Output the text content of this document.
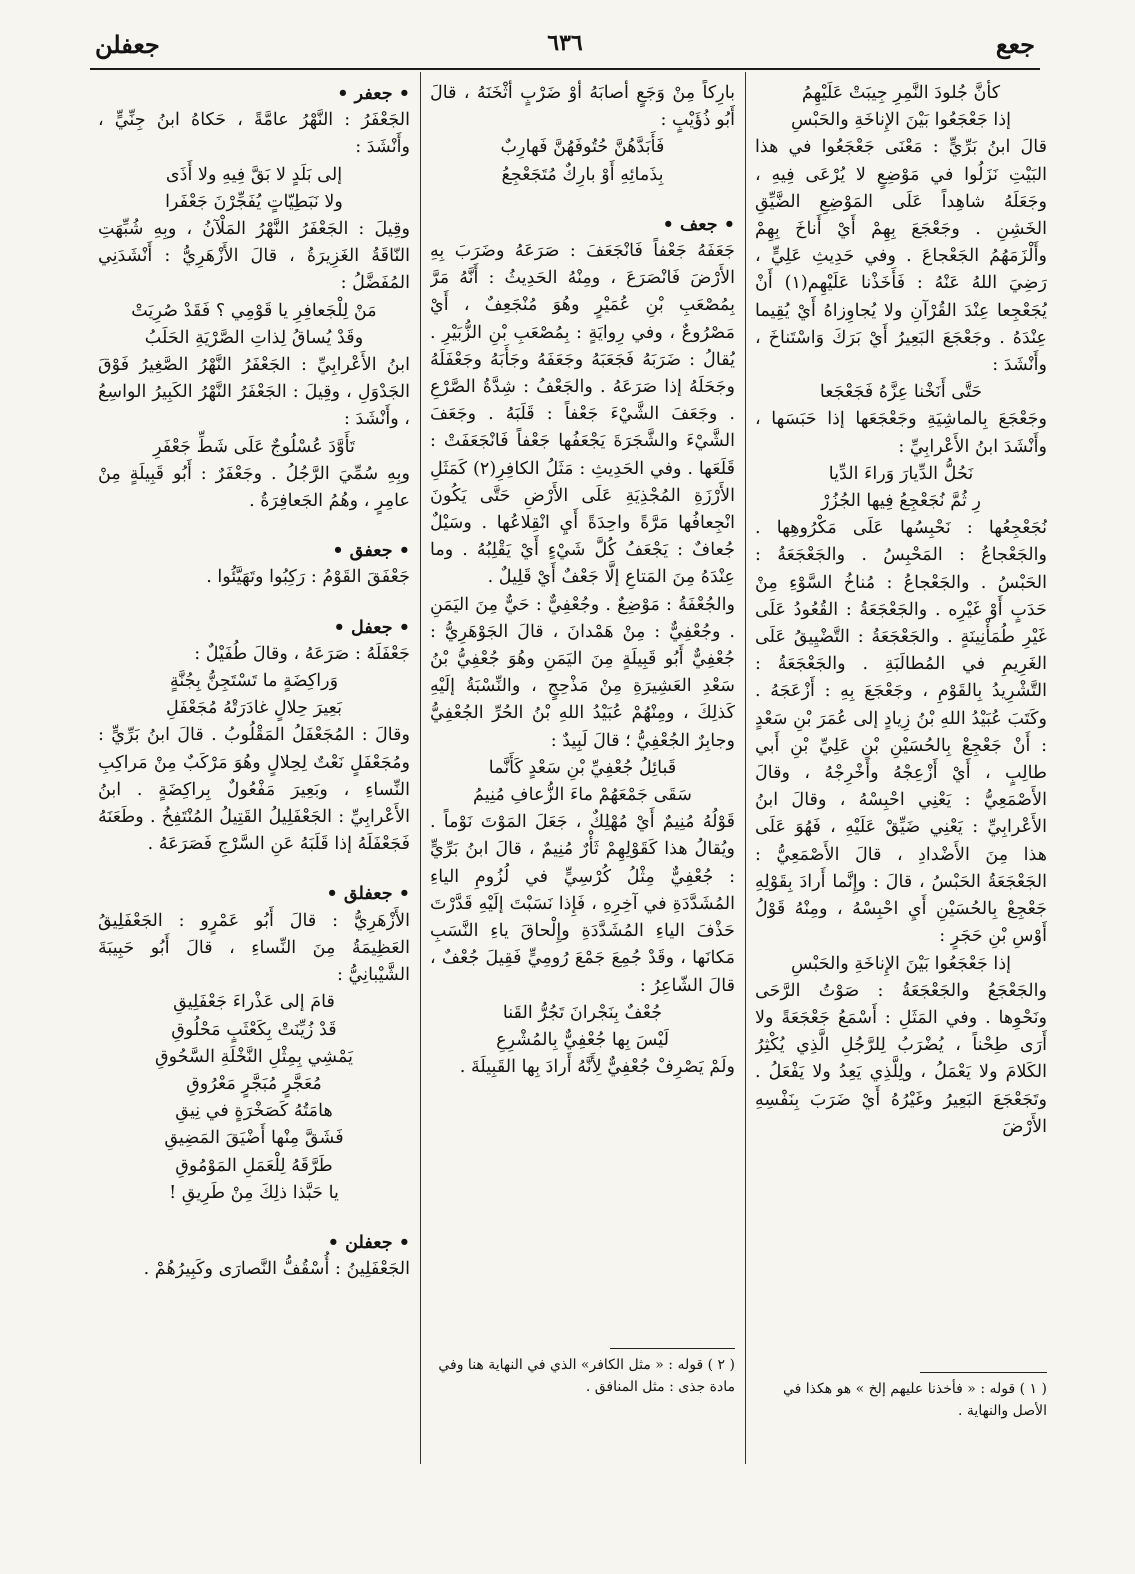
جعع
٦٣٦
جعفلن

كأنَّ جُلودَ النَّمِرِ جِيبَتْ عَلَيْهِمُ

إذا جَعْجَعُوا بَيْنَ الإِناخَةِ والحَبْسِ

قالَ ابنُ بَرِّيٍّ : مَعْنَى جَعْجَعُوا في هذا البَيْتِ نَزَلُوا في مَوْضِعٍ لا يُرْعَى فِيهِ ، وجَعَلَهُ شاهِداً عَلَى المَوْضِعِ الضَّيِّقِ الخَشِنِ . وجَعْجَعَ بِهِمْ أَيْ أَناخَ بِهِمْ وأَلْزَمَهُمُ الجَعْجاعَ . وفي حَدِيثِ عَلِيٍّ ، رَضِيَ اللهُ عَنْهُ : فَأَخَذْنا عَلَيْهِم(١) أَنْ يُجَعْجِعا عِنْدَ القُرْآنِ ولا يُجاوِزاهُ أَيْ يُقِيما عِنْدَهُ . وجَعْجَعَ البَعِيرُ أَيْ بَرَكَ وَاسْتَناخَ ، وأَنْشَدَ :

حَتَّى أَنَخْنا عِزَّهُ فَجَعْجَعا

وجَعْجَعَ بِالماشِيَةِ وجَعْجَعَها إذا حَبَسَها ، وأَنْشَدَ ابنُ الأَعْرابِيِّ :

نَحُلُّ الدِّيارَ وَراءَ الدِّيا

رِ ثُمَّ نُجَعْجِعُ فِيها الجُزُرْ

نُجَعْجِعُها : نَحْبِسُها عَلَى مَكْرُوهِها . والجَعْجاعُ : المَحْبِسُ . والجَعْجَعَةُ : الحَبْسُ . والجَعْجاعُ : مُناخُ السَّوْءِ مِنْ حَدَبٍ أَوْ غَيْرِه . والجَعْجَعَةُ : القُعُودُ عَلَى غَيْرِ طُمَأْنِينَةٍ . والجَعْجَعَةُ : التَّضْيِيقُ عَلَى الغَرِيمِ في المُطالَبَةِ . والجَعْجَعَةُ : التَّشْرِيدُ بِالقَوْمِ ، وجَعْجَعَ بِهِ : أَزْعَجَهُ . وكَتَبَ عُبَيْدُ اللهِ بْنُ زِيادٍ إلى عُمَرَ بْنِ سَعْدٍ : أَنْ جَعْجِعْ بِالحُسَيْنِ بْنِ عَلِيِّ بْنِ أَبي طالِبٍ ، أَيْ أَزْعِجْهُ وأَخْرِجْهُ ، وقالَ الأَصْمَعِيُّ : يَعْنِي احْبِسْهُ ، وقالَ ابنُ الأَعْرابِيِّ : يَعْنِي ضَيِّقْ عَلَيْهِ ، فَهُوَ عَلَى هذا مِنَ الأَضْدادِ ، قالَ الأَصْمَعِيُّ : الجَعْجَعَةُ الحَبْسُ ، قالَ : وإِنَّما أَرادَ بِقَوْلِهِ جَعْجِعْ بِالحُسَيْنِ أَيِ احْبِسْهُ ، ومِنْهُ قَوْلُ أَوْسِ بْنِ حَجَرٍ :

إذا جَعْجَعُوا بَيْنَ الإِناخَةِ والحَبْسِ

والجَعْجَعُ والجَعْجَعَةُ : صَوْتُ الرَّحَى ونَحْوِها . وفي المَثَلِ : أَسْمَعُ جَعْجَعَةً ولا أَرَى طِحْناً ، يُضْرَبُ لِلرَّجُلِ الَّذِي يُكْثِرُ الكَلامَ ولا يَعْمَلُ ، ولِلَّذِي يَعِدُ ولا يَفْعَلُ . وتَجَعْجَعَ البَعِيرُ وغَيْرُهُ أَيْ ضَرَبَ بِنَفْسِهِ الأَرْضَ

بارِكاً مِنْ وَجَعٍ أَصابَهُ أَوْ ضَرْبٍ أَثْخَنَهُ ، قالَ أَبُو ذُؤَيْبٍ :

فَأَبَدَّهُنَّ حُتُوفَهُنَّ فَهارِبٌ

بِذَمائِهِ أَوْ بارِكٌ مُتَجَعْجِعُ

• جعف •

جَعَفَهُ جَعْفاً فَانْجَعَفَ : صَرَعَهُ وضَرَبَ بِهِ الأَرْضَ فَانْصَرَعَ ، ومِنْهُ الحَدِيثُ : أَنَّهُ مَرَّ بِمُصْعَبِ بْنِ عُمَيْرٍ وهُوَ مُنْجَعِفٌ ، أَيْ مَصْرُوعٌ ، وفي رِوايَةٍ : بِمُصْعَبِ بْنِ الزُّبَيْرِ . يُقالُ : ضَرَبَهُ فَجَعَبَهُ وجَعَفَهُ وجَأَبَهُ وجَعْفَلَهُ وجَحَلَهُ إذا صَرَعَهُ . والجَعْفُ : شِدَّةُ الصَّرْعِ . وجَعَفَ الشَّيْءَ جَعْفاً : قَلَبَهُ . وجَعَفَ الشَّيْءَ والشَّجَرَةَ يَجْعَفُها جَعْفاً فَانْجَعَفَتْ : قَلَعَها . وفي الحَدِيثِ : مَثَلُ الكافِرِ(٢) كَمَثَلِ الأَرْزَةِ المُجْذِيَةِ عَلَى الأَرْضِ حَتَّى يَكُونَ انْجِعافُها مَرَّةً واحِدَةً أَيِ انْقِلاعُها . وسَيْلٌ جُعافٌ : يَجْعَفُ كُلَّ شَيْءٍ أَيْ يَقْلِبُهُ . وما عِنْدَهُ مِنَ المَتاعِ إلَّا جَعْفٌ أَيْ قَلِيلٌ .

والجُعْفَةُ : مَوْضِعٌ . وجُعْفِيٌّ : حَيٌّ مِنَ اليَمَنِ . وجُعْفِيٌّ : مِنْ هَمْدانَ ، قالَ الجَوْهَرِيُّ : جُعْفِيٌّ أَبُو قَبِيلَةٍ مِنَ اليَمَنِ وهُوَ جُعْفِيُّ بْنُ سَعْدِ العَشِيرَةِ مِنْ مَذْحِجٍ ، والنِّسْبَةُ إلَيْهِ كَذلِكَ ، ومِنْهُمْ عُبَيْدُ اللهِ بْنُ الحُرِّ الجُعْفِيُّ وجابِرٌ الجُعْفِيُّ ؛ قالَ لَبِيدٌ :

قَبائِلُ جُعْفِيِّ بْنِ سَعْدٍ كَأَنَّما

سَقَى جَمْعَهُمْ ماءَ الزُّعافِ مُنِيمُ

قَوْلُهُ مُنِيمٌ أَيْ مُهْلِكٌ ، جَعَلَ المَوْتَ نَوْماً . ويُقالُ هذا كَقَوْلِهِمْ ثَأْرٌ مُنِيمٌ ، قالَ ابنُ بَرِّيٍّ : جُعْفِيٌّ مِثْلُ كُرْسِيٍّ في لُزُومِ الياءِ المُشَدَّدَةِ في آخِرِهِ ، فَإِذا نَسَبْتَ إلَيْهِ قَدَّرْتَ حَذْفَ الياءِ المُشَدَّدَةِ وإِلْحاقَ ياءِ النَّسَبِ مَكانَها ، وقَدْ جُمِعَ جَمْعَ رُومِيٍّ فَقِيلَ جُعْفٌ ، قالَ الشّاعِرُ :

جُعْفٌ بِنَجْرانَ تَجُرُّ القَنا

لَيْسَ بِها جُعْفِيٌّ بِالمُشْرِعِ

ولَمْ يَصْرِفْ جُعْفِيٌّ لِأَنَّهُ أَرادَ بِها القَبِيلَةَ .

• جعفر •

الجَعْفَرُ : النَّهْرُ عامَّةً ، حَكاهُ ابنُ جِنِّيٍّ ، وأَنْشَدَ :

إلى بَلَدٍ لا بَقَّ فِيهِ ولا أَذَى

ولا نَبَطِيّاتٍ يُفَجِّرْنَ جَعْفَرا

وقِيلَ : الجَعْفَرُ النَّهْرُ المَلْآنُ ، وبِهِ شُبِّهَتِ النّاقَةُ الغَزِيرَةُ ، قالَ الأَزْهَرِيُّ : أَنْشَدَنِي المُفَضَّلُ :

مَنْ لِلْجَعافِرِ يا قَوْمِي ؟ فَقَدْ صُرِيَتْ

وقَدْ يُساقُ لِذاتِ الصَّرْيَةِ الحَلَبُ

ابنُ الأَعْرابِيِّ : الجَعْفَرُ النَّهْرُ الصَّغِيرُ فَوْقَ الجَدْوَلِ ، وقِيلَ : الجَعْفَرُ النَّهْرُ الكَبِيرُ الواسِعُ ، وأَنْشَدَ :

تَأَوَّدَ عُسْلُوجٌ عَلَى شَطِّ جَعْفَرِ

وبِهِ سُمِّيَ الرَّجُلُ . وجَعْفَرٌ : أَبُو قَبِيلَةٍ مِنْ عامِرٍ ، وهُمُ الجَعافِرَةُ .

• جعفق •

جَعْفَقَ القَوْمُ : رَكِبُوا وتَهَيَّئُوا .

• جعفل •

جَعْفَلَهُ : صَرَعَهُ ، وقالَ طُفَيْلٌ :

وَراكِضَةٍ ما تَسْتَجِنُّ بِجُنَّةٍ

بَعِيرَ حِلالٍ غادَرَتْهُ مُجَعْفَلِ

وقالَ : المُجَعْفَلُ المَقْلُوبُ . قالَ ابنُ بَرِّيٍّ : ومُجَعْفَلٍ نَعْتٌ لِحِلالٍ وهُوَ مَرْكَبٌ مِنْ مَراكِبِ النِّساءِ ، وبَعِيرَ مَفْعُولٌ بِراكِضَةٍ . ابنُ الأَعْرابِيِّ : الجَعْفَلِيلُ القَتِيلُ المُنْتَفِخُ . وطَعَنَهُ فَجَعْفَلَهُ إذا قَلَبَهُ عَنِ السَّرْجِ فَصَرَعَهُ .

• جعفلق •

الأَزْهَرِيُّ : قالَ أَبُو عَمْرٍو : الجَعْفَلِيقُ العَظِيمَةُ مِنَ النِّساءِ ، قالَ أَبُو حَبِيبَةَ الشَّيْبانِيُّ :

قامَ إلى عَذْراءَ جَعْفَلِيقِ

قَدْ زُيِّنَتْ بِكَعْثَبٍ مَحْلُوقِ

يَمْشِي بِمِثْلِ النَّخْلَةِ السَّحُوقِ

مُعَجَّرٍ مُبَجَّرٍ مَعْرُوقِ

هامَتُهُ كَصَخْرَةٍ في نِيقِ

فَشَقَّ مِنْها أَضْيَقَ المَضِيقِ

طَرَّقَهُ لِلْعَمَلِ المَوْمُوقِ

يا حَبَّذا ذلِكَ مِنْ طَرِيقِ !

• جعفلن •

الجَعْفَلِينُ : أُسْقُفُّ النَّصارَى وكَبِيرُهُمْ .

( ١ ) قوله : « فأخذنا عليهم إلخ » هو هكذا في الأصل والنهاية .
( ٢ ) قوله : « مثل الكافر» الذي في النهاية هنا وفي مادة جذى : مثل المنافق .
